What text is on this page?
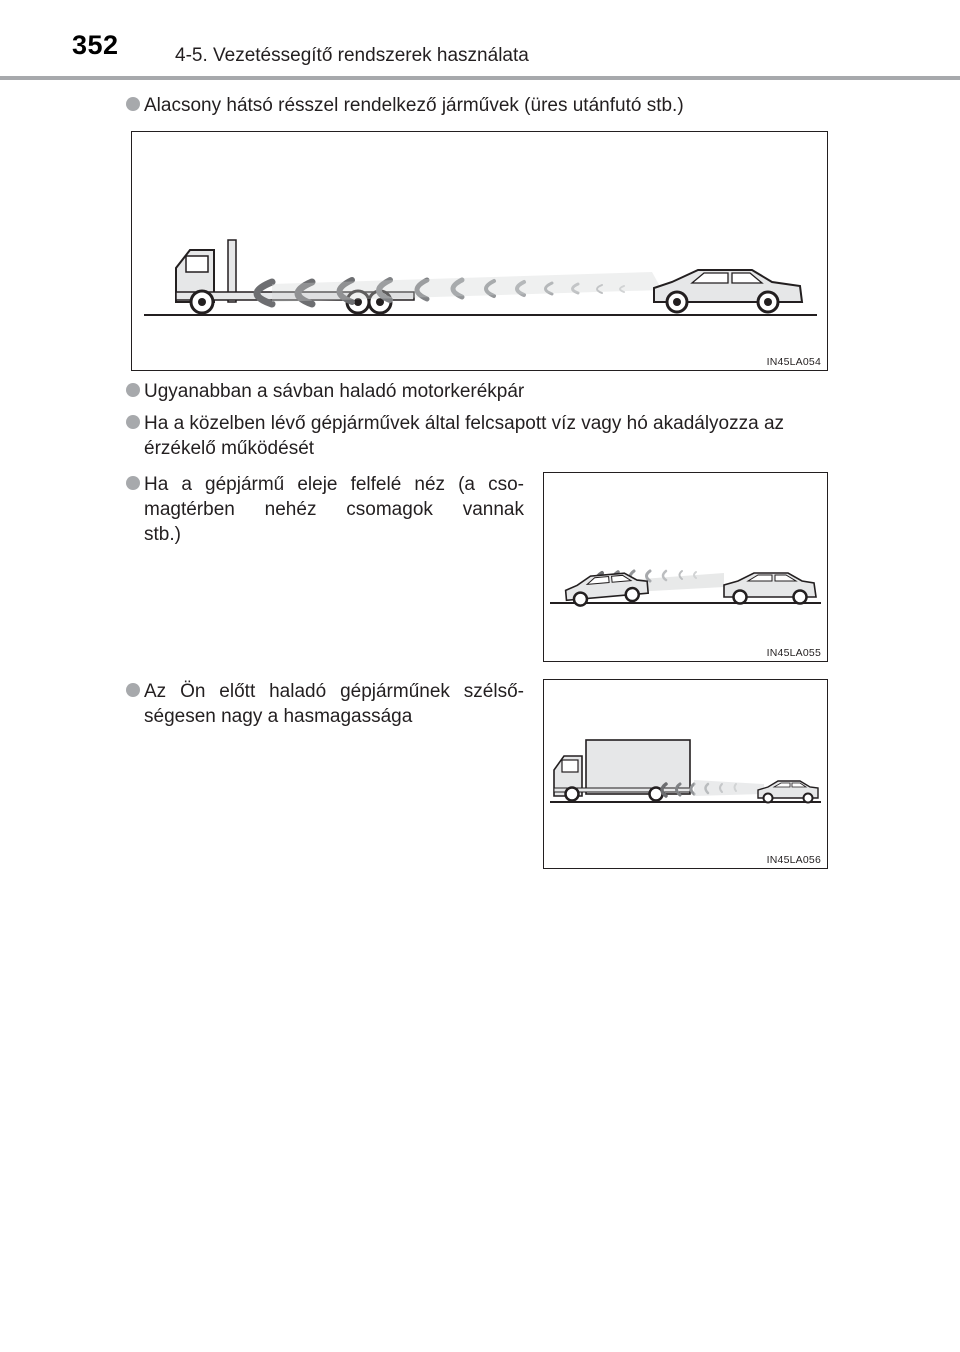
352	4-5. Vezetéssegítő rendszerek használata
Alacsony hátsó résszel rendelkező járművek (üres utánfutó stb.)
IN45LA054
Ugyanabban a sávban haladó motorkerékpár
Ha a közelben lévő gépjárművek által felcsapott víz vagy hó akadályozza az
érzékelő működését
Ha a gépjármű eleje felfelé néz (a cso-
magtérben nehéz csomagok vannak
stb.)
IN45LA055
Az Ön előtt haladó gépjárműnek szélső-
ségesen nagy a hasmagassága
IN45LA056
